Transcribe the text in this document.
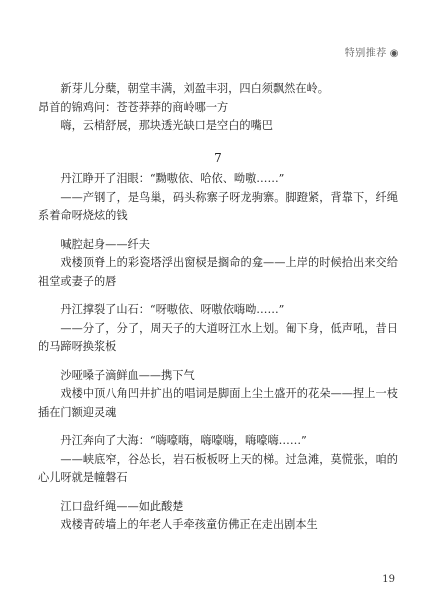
特别推荐 ◉

新芽儿分蘖，朝堂丰满，刘盈丰羽，四白须飘然在岭。

昂首的锦鸡问：苍苍莽莽的商岭哪一方

嗨，云梢舒展，那块透光缺口是空白的嘴巴

7

丹江睁开了泪眼：“黝嗷依、哈依、呦嗷……”

——产钢了，是鸟巢，码头称寨子呀龙驹寨。脚蹬紧，背靠下，纤绳系着命呀烧炫的钱

喊腔起身——纤夫

戏楼顶脊上的彩瓷塔浮出窗棂是搁命的龛——上岸的时候拾出来交给祖堂或妻子的唇

丹江撑裂了山石：“呀嗷依、呀嗷依嗨呦……”

——分了，分了，周天子的大道呀江水上划。匍下身，低声吼，昔日的马蹄呀换浆板

沙哑嗓子滴鲜血——携下气

戏楼中顶八角凹井扩出的唱词是脚面上尘土盛开的花朵——捏上一枝插在门额迎灵魂

丹江奔向了大海：“嗨嚎嗨，嗨嚎嗨，嗨嚎嗨……”

——峡底窄，谷怂长，岩石板板呀上天的梯。过急滩，莫慌张，咱的心儿呀就是幢磐石

江口盘纤绳——如此酸楚

戏楼青砖墙上的年老人手牵孩童仿佛正在走出剧本生

19
